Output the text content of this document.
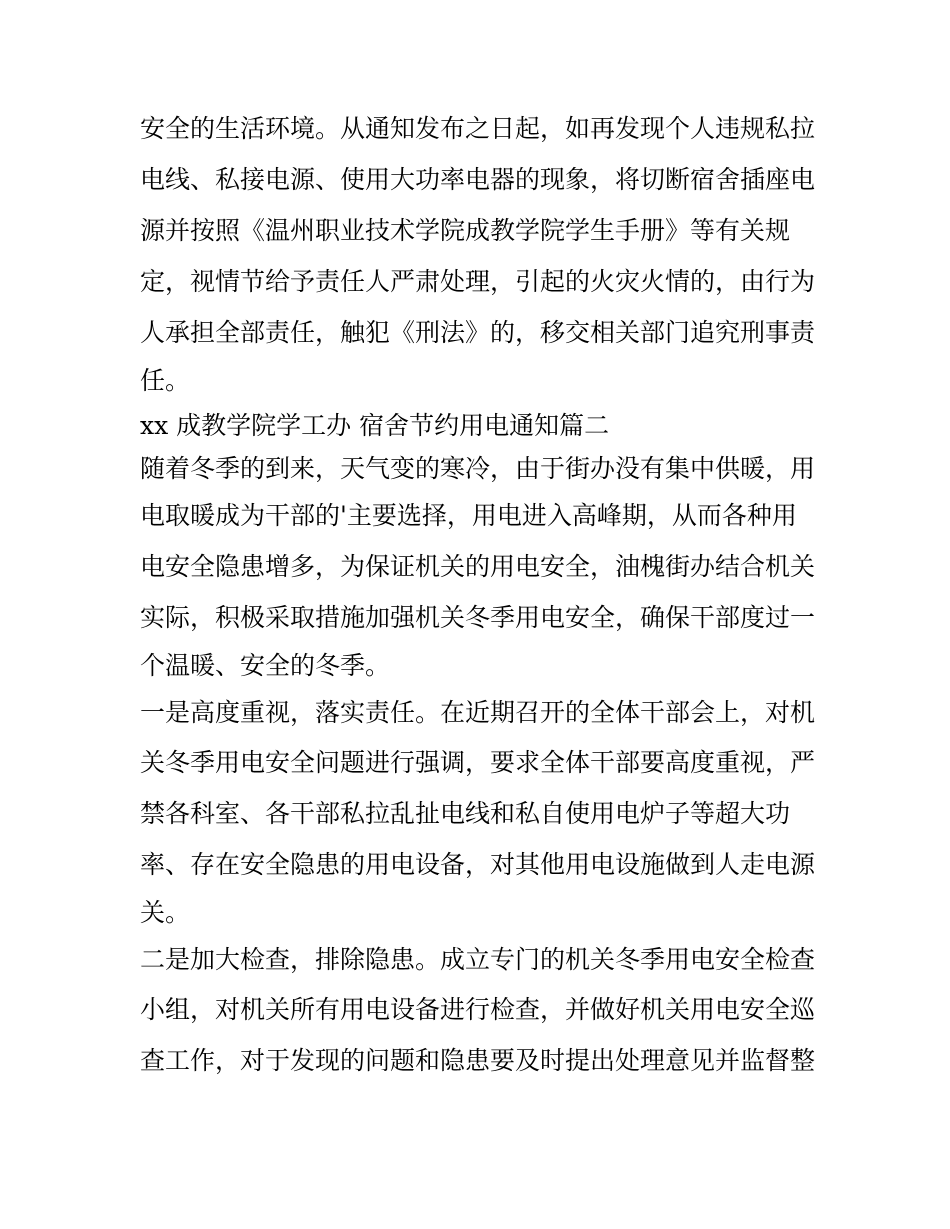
安全的生活环境。从通知发布之日起，如再发现个人违规私拉
电线、私接电源、使用大功率电器的现象，将切断宿舍插座电
源并按照《温州职业技术学院成教学院学生手册》等有关规
定，视情节给予责任人严肃处理，引起的火灾火情的，由行为
人承担全部责任，触犯《刑法》的，移交相关部门追究刑事责
任。
xx 成教学院学工办 宿舍节约用电通知篇二
随着冬季的到来，天气变的寒冷，由于街办没有集中供暖，用
电取暖成为干部的'主要选择，用电进入高峰期，从而各种用
电安全隐患增多，为保证机关的用电安全，油槐街办结合机关
实际，积极采取措施加强机关冬季用电安全，确保干部度过一
个温暖、安全的冬季。
一是高度重视，落实责任。在近期召开的全体干部会上，对机
关冬季用电安全问题进行强调，要求全体干部要高度重视，严
禁各科室、各干部私拉乱扯电线和私自使用电炉子等超大功
率、存在安全隐患的用电设备，对其他用电设施做到人走电源
关。
二是加大检查，排除隐患。成立专门的机关冬季用电安全检查
小组，对机关所有用电设备进行检查，并做好机关用电安全巡
查工作，对于发现的问题和隐患要及时提出处理意见并监督整
